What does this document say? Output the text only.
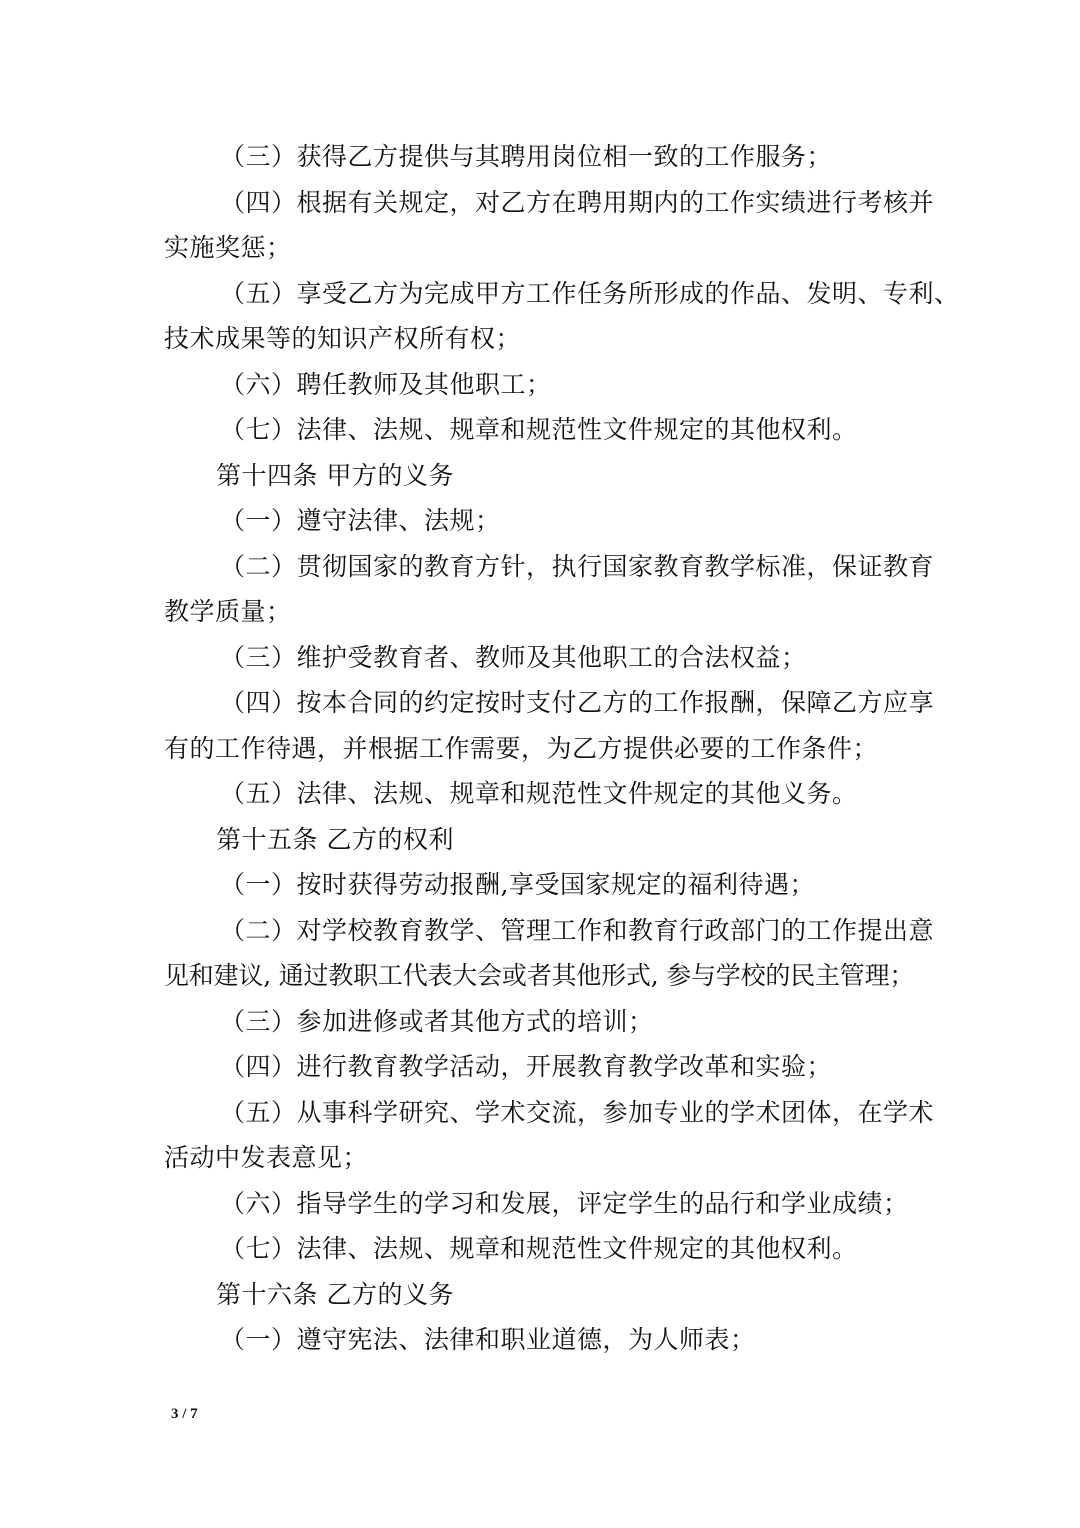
（三）获得乙方提供与其聘用岗位相一致的工作服务；
（四）根据有关规定，对乙方在聘用期内的工作实绩进行考核并
实施奖惩；
（五）享受乙方为完成甲方工作任务所形成的作品、发明、专利、
技术成果等的知识产权所有权；
（六）聘任教师及其他职工；
（七）法律、法规、规章和规范性文件规定的其他权利。
第十四条 甲方的义务
（一）遵守法律、法规；
（二）贯彻国家的教育方针，执行国家教育教学标准，保证教育
教学质量；
（三）维护受教育者、教师及其他职工的合法权益；
（四）按本合同的约定按时支付乙方的工作报酬，保障乙方应享
有的工作待遇，并根据工作需要，为乙方提供必要的工作条件；
（五）法律、法规、规章和规范性文件规定的其他义务。
第十五条 乙方的权利
（一）按时获得劳动报酬,享受国家规定的福利待遇；
（二）对学校教育教学、管理工作和教育行政部门的工作提出意
见和建议, 通过教职工代表大会或者其他形式, 参与学校的民主管理；
（三）参加进修或者其他方式的培训；
（四）进行教育教学活动，开展教育教学改革和实验；
（五）从事科学研究、学术交流，参加专业的学术团体，在学术
活动中发表意见；
（六）指导学生的学习和发展，评定学生的品行和学业成绩；
（七）法律、法规、规章和规范性文件规定的其他权利。
第十六条 乙方的义务
（一）遵守宪法、法律和职业道德，为人师表；
3 / 7
